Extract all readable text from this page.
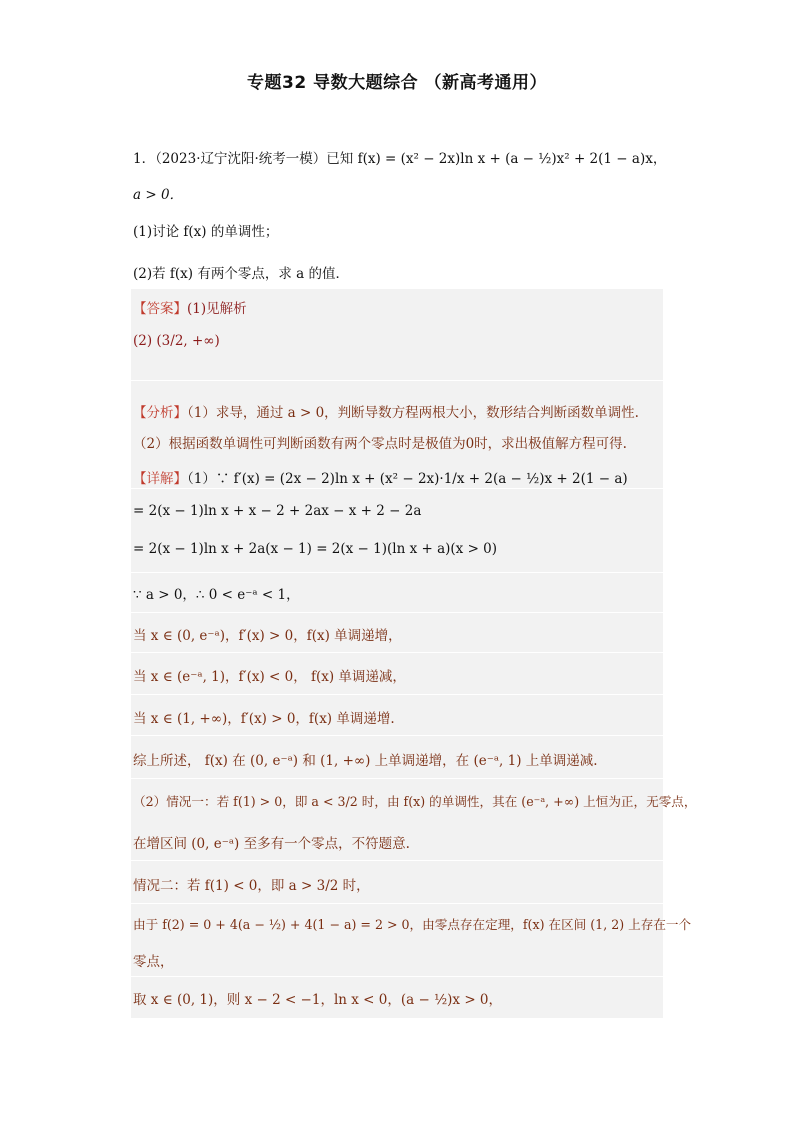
专题32 导数大题综合 （新高考通用）
1．（2023·辽宁沈阳·统考一模）已知 f(x) = (x² − 2x)ln x + (a − ½)x² + 2(1 − a)x，
a > 0．
(1)讨论 f(x) 的单调性；
(2)若 f(x) 有两个零点，求 a 的值．
【答案】(1)见解析
(2) (3/2, +∞)
【分析】（1）求导，通过 a > 0，判断导数方程两根大小，数形结合判断函数单调性.
（2）根据函数单调性可判断函数有两个零点时是极值为0时，求出极值解方程可得.
【详解】（1）∵ f′(x) = (2x − 2)ln x + (x² − 2x)·1/x + 2(a − ½)x + 2(1 − a)
= 2(x − 1)ln x + x − 2 + 2ax − x + 2 − 2a
= 2(x − 1)ln x + 2a(x − 1) = 2(x − 1)(ln x + a)(x > 0)
∵ a > 0，∴ 0 < e⁻ᵃ < 1，
当 x ∈ (0, e⁻ᵃ)，f′(x) > 0，f(x) 单调递增，
当 x ∈ (e⁻ᵃ, 1)，f′(x) < 0， f(x) 单调递减，
当 x ∈ (1, +∞)，f′(x) > 0，f(x) 单调递增.
综上所述， f(x) 在 (0, e⁻ᵃ) 和 (1, +∞) 上单调递增，在 (e⁻ᵃ, 1) 上单调递减.
（2）情况一：若 f(1) > 0，即 a < 3/2 时，由 f(x) 的单调性，其在 (e⁻ᵃ, +∞) 上恒为正，无零点，
在增区间 (0, e⁻ᵃ) 至多有一个零点，不符题意.
情况二：若 f(1) < 0，即 a > 3/2 时，
由于 f(2) = 0 + 4(a − ½) + 4(1 − a) = 2 > 0，由零点存在定理，f(x) 在区间 (1, 2) 上存在一个
零点，
取 x ∈ (0, 1)，则 x − 2 < −1，ln x < 0，(a − ½)x > 0，
